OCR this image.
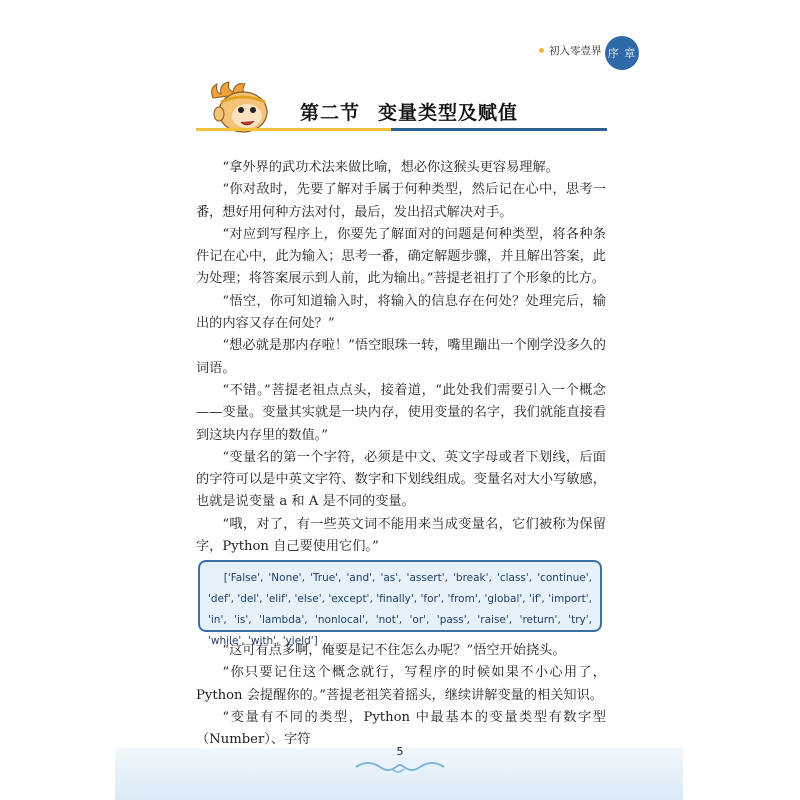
初入零壹界 序 章
第二节 变量类型及赋值

“拿外界的武功术法来做比喻，想必你这猴头更容易理解。

“你对敌时，先要了解对手属于何种类型，然后记在心中，思考一番，想好用何种方法对付，最后，发出招式解决对手。

“对应到写程序上，你要先了解面对的问题是何种类型，将各种条件记在心中，此为输入；思考一番，确定解题步骤，并且解出答案，此为处理；将答案展示到人前，此为输出。”菩提老祖打了个形象的比方。

“悟空，你可知道输入时，将输入的信息存在何处？处理完后，输出的内容又存在何处？”

“想必就是那内存啦！”悟空眼珠一转，嘴里蹦出一个刚学没多久的词语。

“不错。”菩提老祖点点头，接着道，“此处我们需要引入一个概念——变量。变量其实就是一块内存，使用变量的名字，我们就能直接看到这块内存里的数值。”

“变量名的第一个字符，必须是中文、英文字母或者下划线，后面的字符可以是中英文字符、数字和下划线组成。变量名对大小写敏感，也就是说变量 a 和 A 是不同的变量。

“哦，对了，有一些英文词不能用来当成变量名，它们被称为保留字，Python 自己要使用它们。”

['False', 'None', 'True', 'and', 'as', 'assert', 'break', 'class', 'continue', 'def', 'del', 'elif', 'else', 'except', 'finally', 'for', 'from', 'global', 'if', 'import', 'in', 'is', 'lambda', 'nonlocal', 'not', 'or', 'pass', 'raise', 'return', 'try', 'while', 'with', 'yield']

“这可有点多啊，俺要是记不住怎么办呢？”悟空开始挠头。

“你只要记住这个概念就行，写程序的时候如果不小心用了，Python 会提醒你的。”菩提老祖笑着摇头，继续讲解变量的相关知识。

“变量有不同的类型，Python 中最基本的变量类型有数字型（Number）、字符

5
